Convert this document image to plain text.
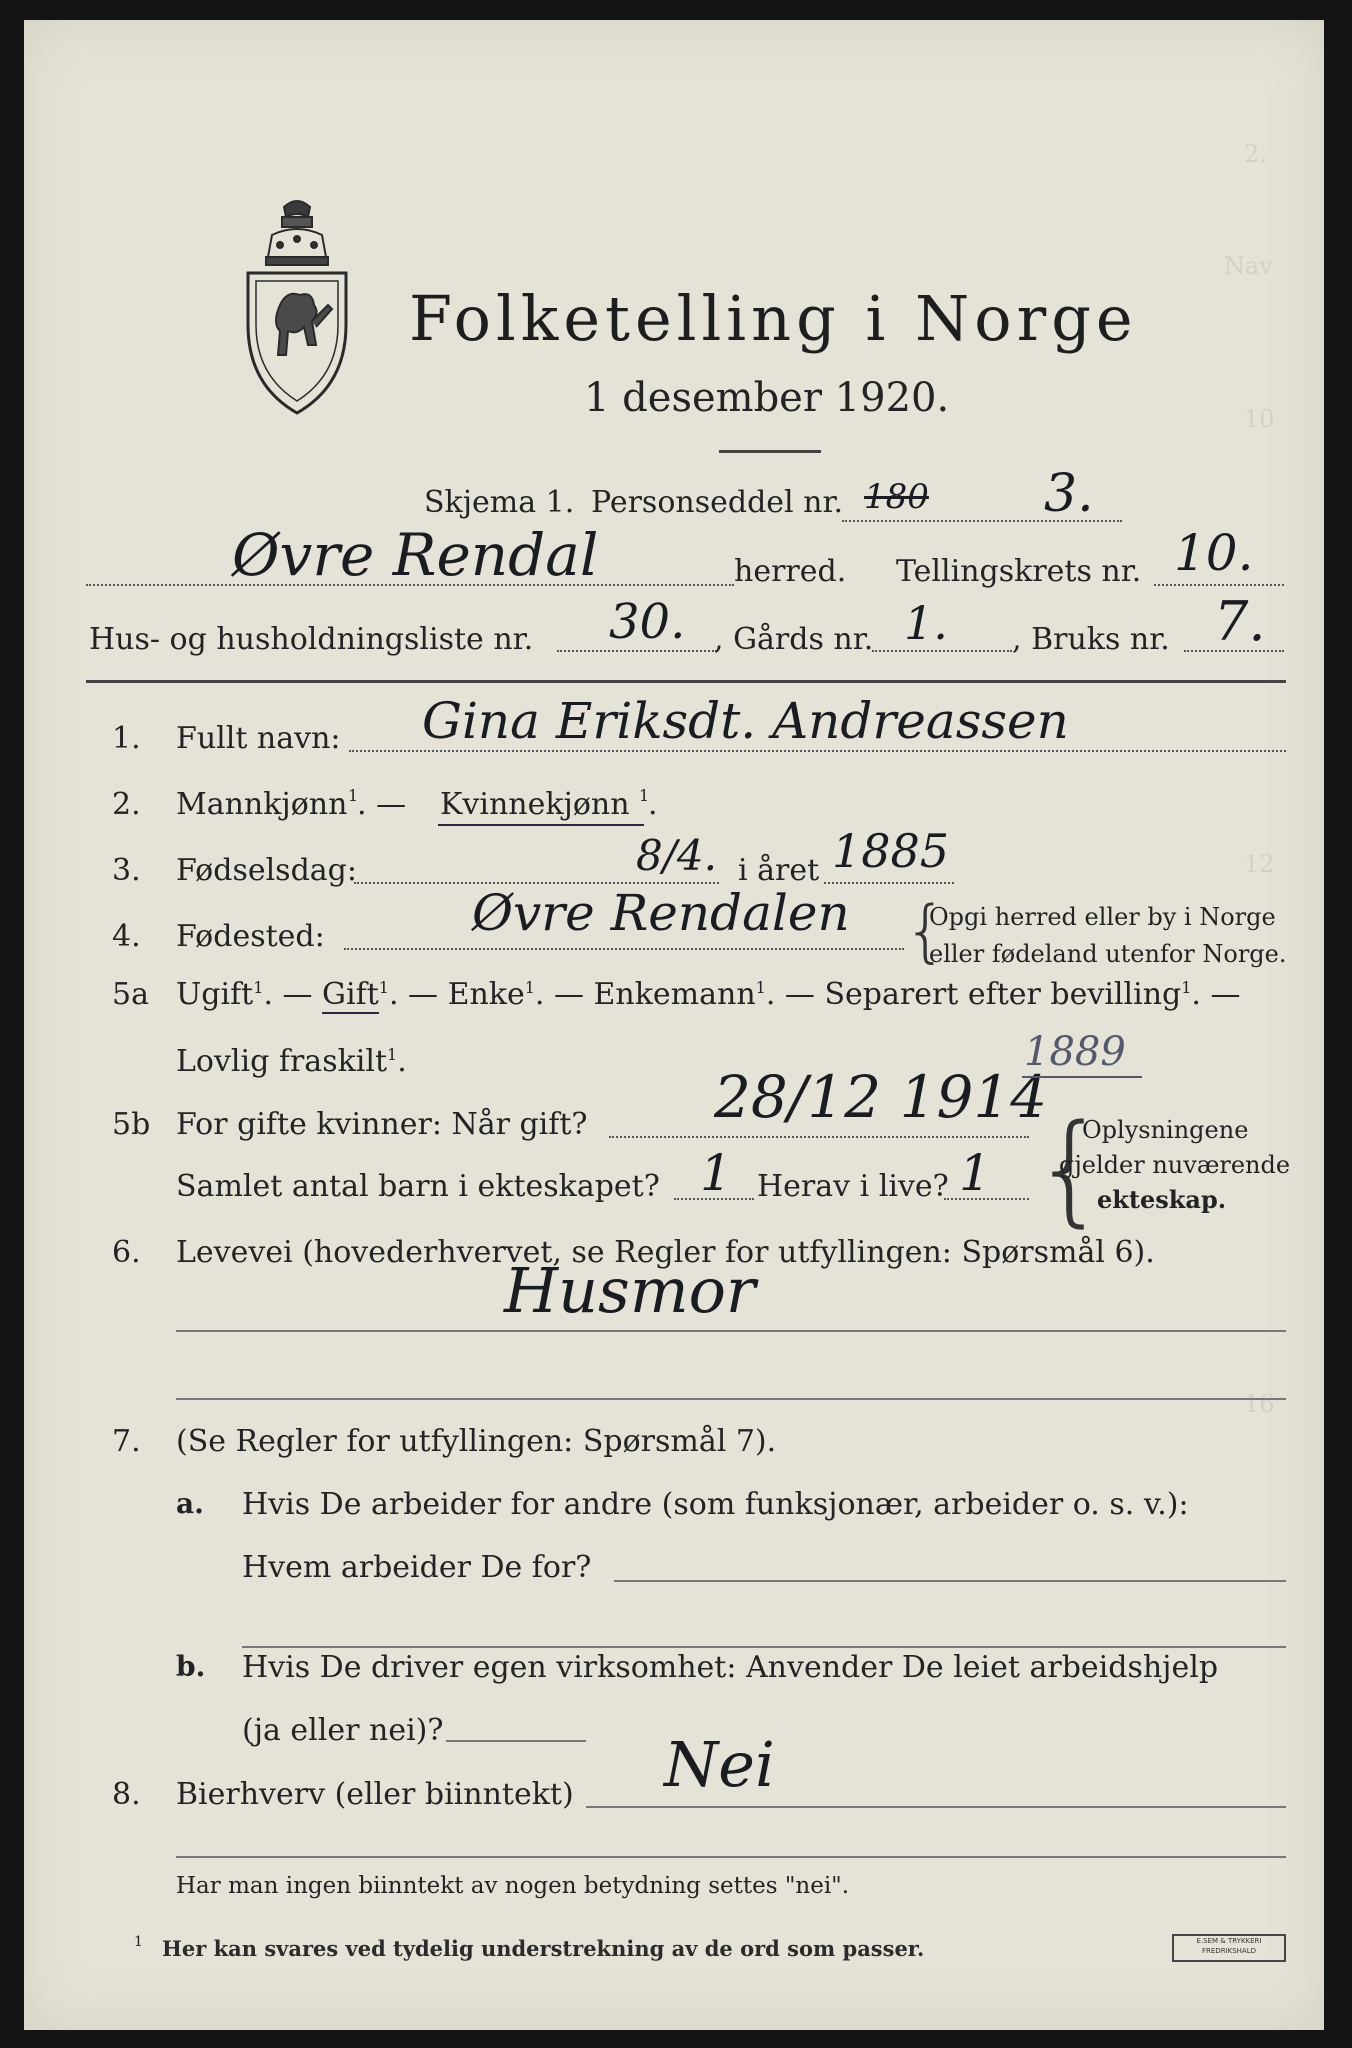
2.
Nav
10
12
16
Folketelling i Norge
1 desember 1920.
Skjema 1. Personseddel nr. 180 3.
Øvre Rendal	herred. Tellingskrets nr. 10.
Hus- og husholdningsliste nr. 30. , Gårds nr. 1. , Bruks nr. 7.
1. Fullt navn: Gina Eriksdt. Andreassen
2. Mannkjønn 1
. — Kvinnekjønn 1
.
3. Fødselsdag:	8/4. i året 1885
4. Fødested:	Øvre Rendalen {
Opgi herred eller by i Norge
eller fødeland utenfor Norge.
5a Ugift$^1$. — Gift$^1$. — Enke$^1$. — Enkemann$^1$. — Separert efter bevilling$^1$. —
Lovlig fraskilt$^1$.
5b For gifte kvinner: Når gift? 28/12 1914
1889
Samlet antal barn i ekteskapet? 1 Herav i live? 1 {
Oplysningene
gjelder nuværende
ekteskap.
6. Levevei (hovederhvervet, se Regler for utfyllingen: Spørsmål 6).
Husmor
7. (Se Regler for utfyllingen: Spørsmål 7).
a. Hvis De arbeider for andre (som funksjonær, arbeider o. s. v.):
Hvem arbeider De for?
b. Hvis De driver egen virksomhet: Anvender De leiet arbeidshjelp
(ja eller nei)?
8. Bierhverv (eller biinntekt) Nei
Har man ingen biinntekt av nogen betydning settes "nei".
1 Her kan svares ved tydelig understrekning av de ord som passer.	E.SEM & TRYKKERI
FREDRIKSHALD
